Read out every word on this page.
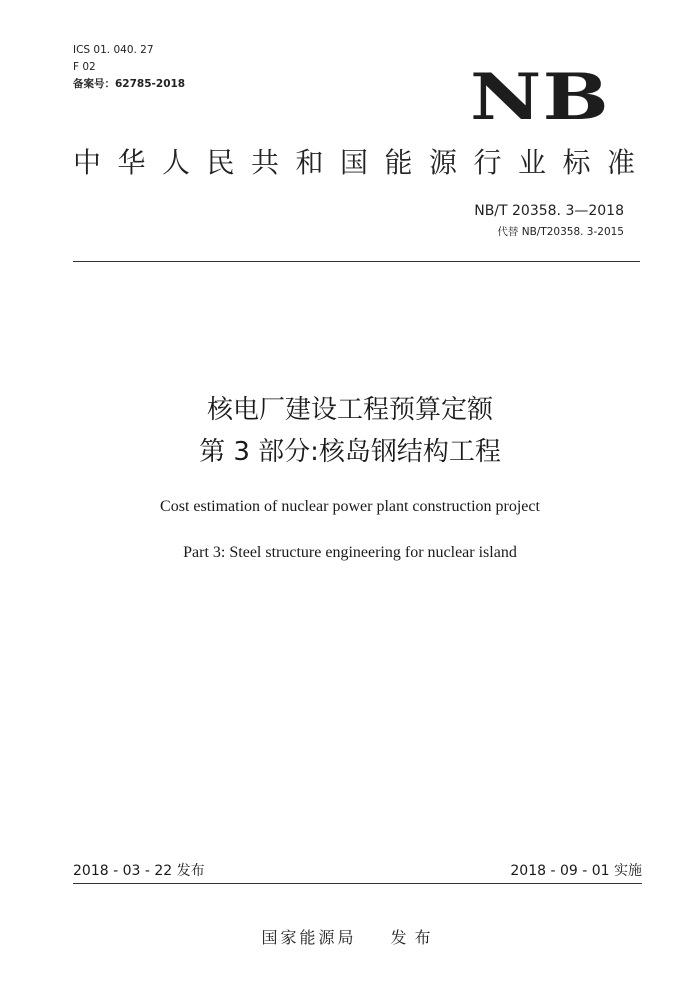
ICS 01. 040. 27
F 02
备案号：62785-2018	NB
中华人民共和国能源行业标准
NB/T 20358. 3—2018
代替 NB/T20358. 3-2015
核电厂建设工程预算定额
第 3 部分:核岛钢结构工程
Cost estimation of nuclear power plant construction project
Part 3: Steel structure engineering for nuclear island
2018 - 03 - 22 发布	2018 - 09 - 01 实施
国家能源局 发布
